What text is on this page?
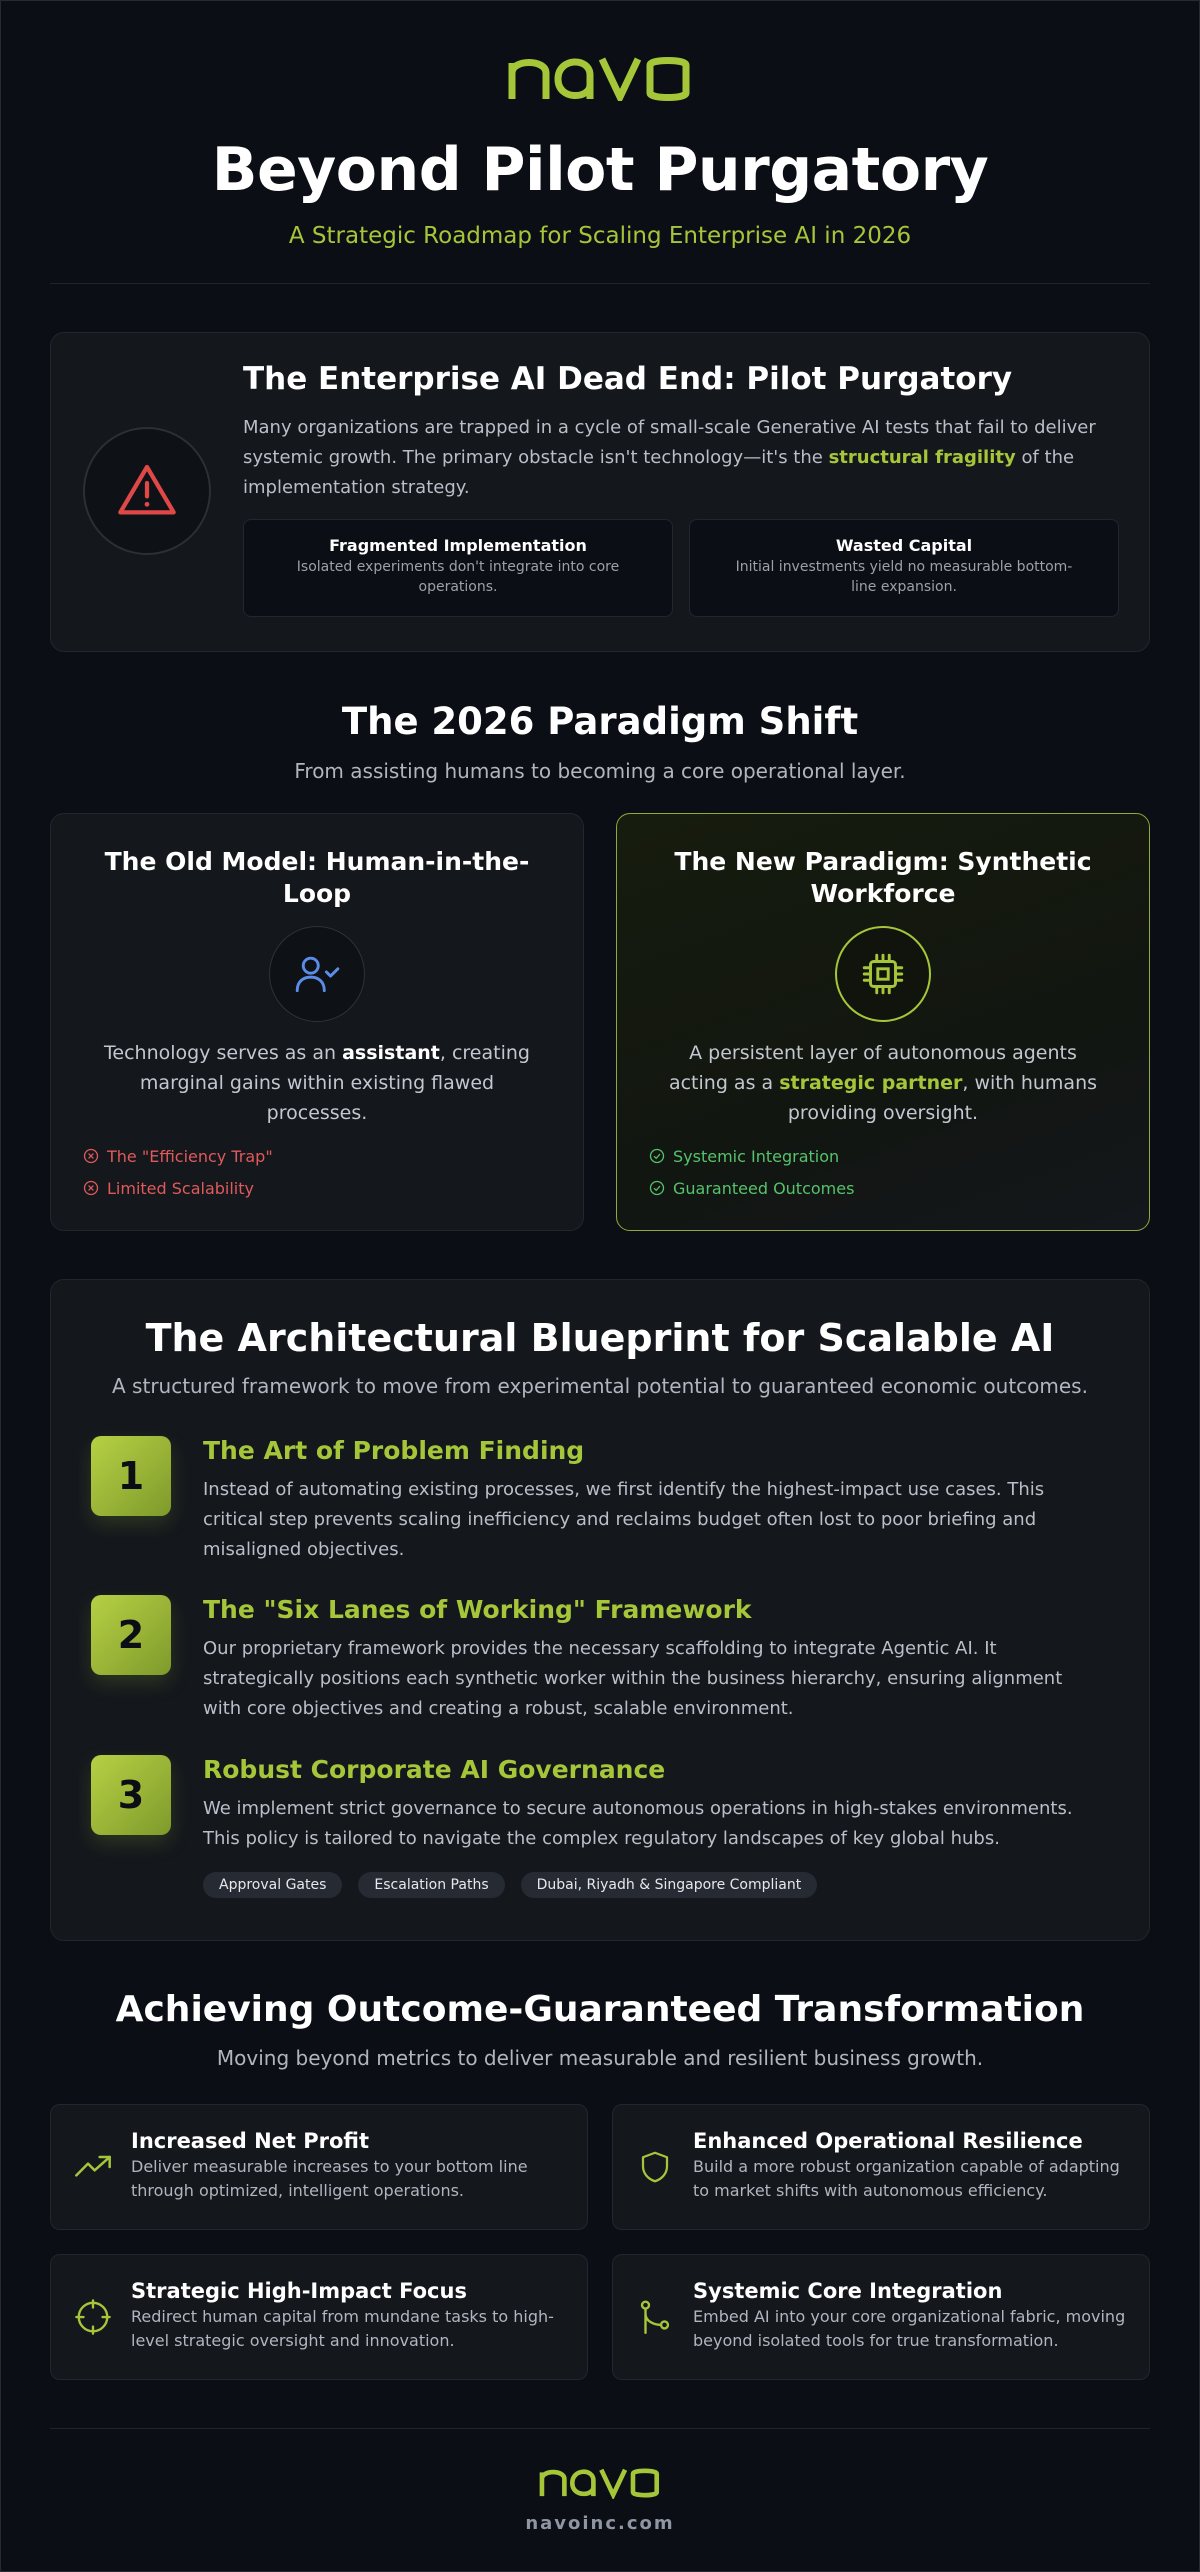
Beyond Pilot Purgatory
A Strategic Roadmap for Scaling Enterprise AI in 2026
The Enterprise AI Dead End: Pilot Purgatory

Many organizations are trapped in a cycle of small-scale Generative AI tests that fail to deliver systemic growth. The primary obstacle isn't technology—it's the structural fragility of the implementation strategy.

Fragmented Implementation
Isolated experiments don't integrate into core operations.
Wasted Capital
Initial investments yield no measurable bottom-line expansion.
The 2026 Paradigm Shift
From assisting humans to becoming a core operational layer.
The Old Model: Human-in-the-Loop

Technology serves as an assistant, creating marginal gains within existing flawed processes.

The "Efficiency Trap"
Limited Scalability
The New Paradigm: Synthetic Workforce

A persistent layer of autonomous agents acting as a strategic partner, with humans providing oversight.

Systemic Integration
Guaranteed Outcomes
The Architectural Blueprint for Scalable AI
A structured framework to move from experimental potential to guaranteed economic outcomes.
1
The Art of Problem Finding
Instead of automating existing processes, we first identify the highest-impact use cases. This critical step prevents scaling inefficiency and reclaims budget often lost to poor briefing and misaligned objectives.
2
The "Six Lanes of Working" Framework
Our proprietary framework provides the necessary scaffolding to integrate Agentic AI. It strategically positions each synthetic worker within the business hierarchy, ensuring alignment with core objectives and creating a robust, scalable environment.
3
Robust Corporate AI Governance
We implement strict governance to secure autonomous operations in high-stakes environments. This policy is tailored to navigate the complex regulatory landscapes of key global hubs.
Approval Gates	Escalation Paths	Dubai, Riyadh & Singapore Compliant
Achieving Outcome-Guaranteed Transformation
Moving beyond metrics to deliver measurable and resilient business growth.
Increased Net Profit
Deliver measurable increases to your bottom line through optimized, intelligent operations.
Enhanced Operational Resilience
Build a more robust organization capable of adapting to market shifts with autonomous efficiency.
Strategic High-Impact Focus
Redirect human capital from mundane tasks to high-level strategic oversight and innovation.
Systemic Core Integration
Embed AI into your core organizational fabric, moving beyond isolated tools for true transformation.
navoinc.com
